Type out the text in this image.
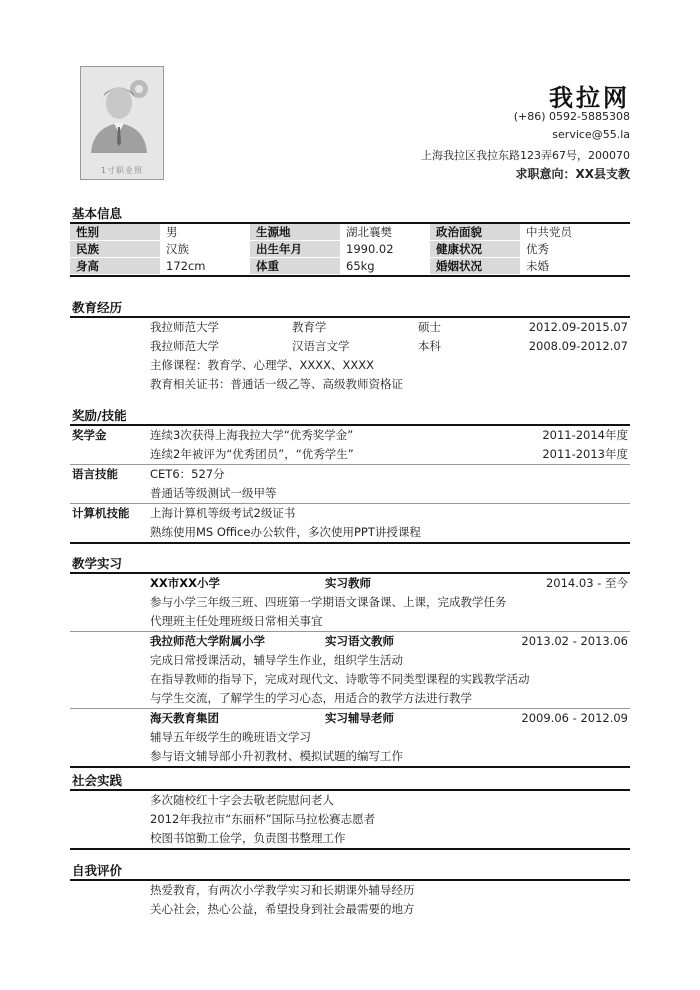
1寸职业照
我拉网
(+86) 0592-5885308
service@55.la
上海我拉区我拉东路123弄67号，200070
求职意向：XX县支教
基本信息
性别	男	生源地	湖北襄樊	政治面貌	中共党员
民族	汉族	出生年月	1990.02	健康状况	优秀
身高	172cm	体重	65kg	婚姻状况	未婚
教育经历
我拉师范大学	教育学	硕士	2012.09-2015.07
我拉师范大学	汉语言文学	本科	2008.09-2012.07
主修课程：教育学、心理学、XXXX、XXXX
教育相关证书：普通话一级乙等、高级教师资格证
奖励/技能
奖学金	连续3次获得上海我拉大学“优秀奖学金”	2011-2014年度
连续2年被评为“优秀团员”，“优秀学生”	2011-2013年度
语言技能	CET6：527分
普通话等级测试一级甲等
计算机技能 上海计算机等级考试2级证书
熟练使用MS Office办公软件，多次使用PPT讲授课程
教学实习
XX市XX小学	实习教师	2014.03 - 至今
参与小学三年级三班、四班第一学期语文课备课、上课，完成教学任务
代理班主任处理班级日常相关事宜
我拉师范大学附属小学	实习语文教师	2013.02 - 2013.06
完成日常授课活动，辅导学生作业，组织学生活动
在指导教师的指导下，完成对现代文、诗歌等不同类型课程的实践教学活动
与学生交流，了解学生的学习心态，用适合的教学方法进行教学
海天教育集团	实习辅导老师	2009.06 - 2012.09
辅导五年级学生的晚班语文学习
参与语文辅导部小升初教材、模拟试题的编写工作
社会实践
多次随校红十字会去敬老院慰问老人
2012年我拉市“东丽杯”国际马拉松赛志愿者
校图书馆勤工俭学，负责图书整理工作
自我评价
热爱教育，有两次小学教学实习和长期课外辅导经历
关心社会，热心公益，希望投身到社会最需要的地方
